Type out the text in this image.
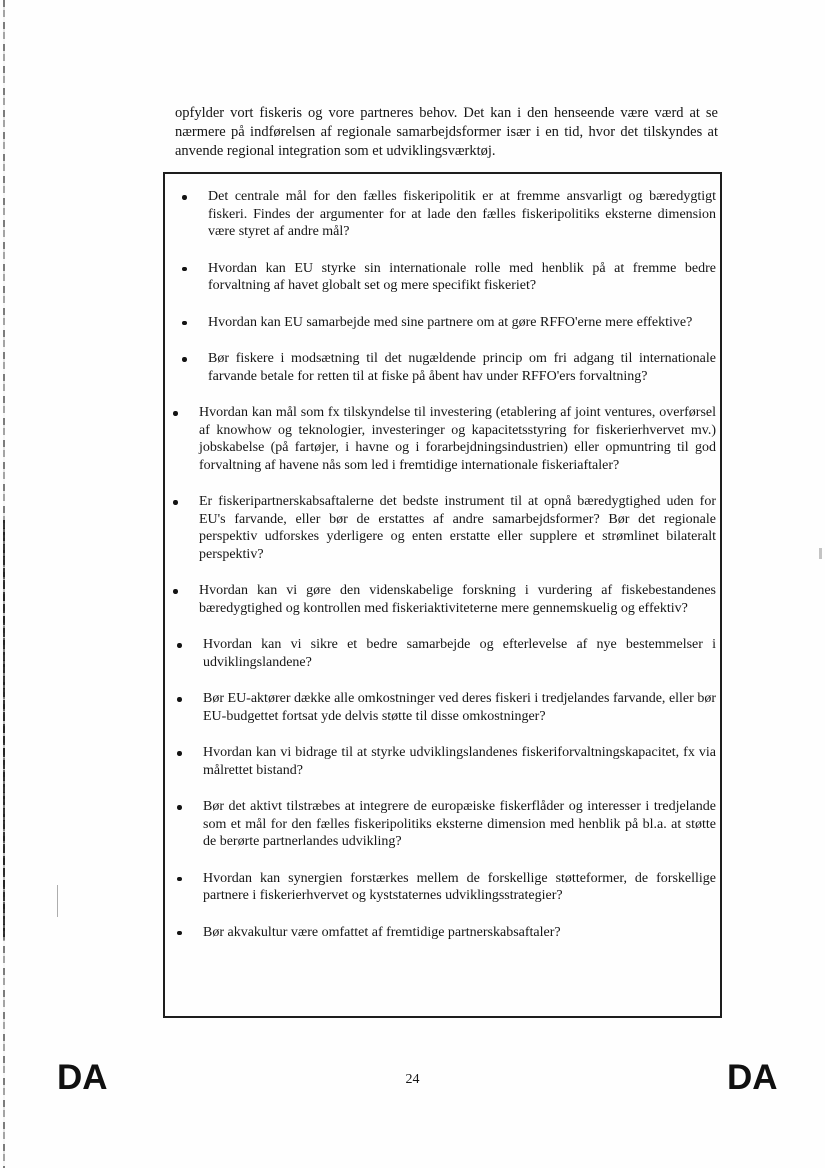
opfylder vort fiskeris og vore partneres behov. Det kan i den henseende være værd at se nærmere på indførelsen af regionale samarbejdsformer især i en tid, hvor det tilskyndes at anvende regional integration som et udviklingsværktøj.

Det centrale mål for den fælles fiskeripolitik er at fremme ansvarligt og bæredygtigt fiskeri. Findes der argumenter for at lade den fælles fiskeripolitiks eksterne dimension være styret af andre mål?
Hvordan kan EU styrke sin internationale rolle med henblik på at fremme bedre forvaltning af havet globalt set og mere specifikt fiskeriet?
Hvordan kan EU samarbejde med sine partnere om at gøre RFFO'erne mere effektive?
Bør fiskere i modsætning til det nugældende princip om fri adgang til internationale farvande betale for retten til at fiske på åbent hav under RFFO'ers forvaltning?
Hvordan kan mål som fx tilskyndelse til investering (etablering af joint ventures, overførsel af knowhow og teknologier, investeringer og kapacitetsstyring for fiskerierhvervet mv.) jobskabelse (på fartøjer, i havne og i forarbejdningsindustrien) eller opmuntring til god forvaltning af havene nås som led i fremtidige internationale fiskeriaftaler?
Er fiskeripartnerskabsaftalerne det bedste instrument til at opnå bæredygtighed uden for EU's farvande, eller bør de erstattes af andre samarbejdsformer? Bør det regionale perspektiv udforskes yderligere og enten erstatte eller supplere et strømlinet bilateralt perspektiv?
Hvordan kan vi gøre den videnskabelige forskning i vurdering af fiskebestandenes bæredygtighed og kontrollen med fiskeriaktiviteterne mere gennemskuelig og effektiv?
Hvordan kan vi sikre et bedre samarbejde og efterlevelse af nye bestemmelser i udviklingslandene?
Bør EU-aktører dække alle omkostninger ved deres fiskeri i tredjelandes farvande, eller bør EU-budgettet fortsat yde delvis støtte til disse omkostninger?
Hvordan kan vi bidrage til at styrke udviklingslandenes fiskeriforvaltningskapacitet, fx via målrettet bistand?
Bør det aktivt tilstræbes at integrere de europæiske fiskerflåder og interesser i tredjelande som et mål for den fælles fiskeripolitiks eksterne dimension med henblik på bl.a. at støtte de berørte partnerlandes udvikling?
Hvordan kan synergien forstærkes mellem de forskellige støtteformer, de forskellige partnere i fiskerierhvervet og kyststaternes udviklingsstrategier?
Bør akvakultur være omfattet af fremtidige partnerskabsaftaler?
DA	24	DA
